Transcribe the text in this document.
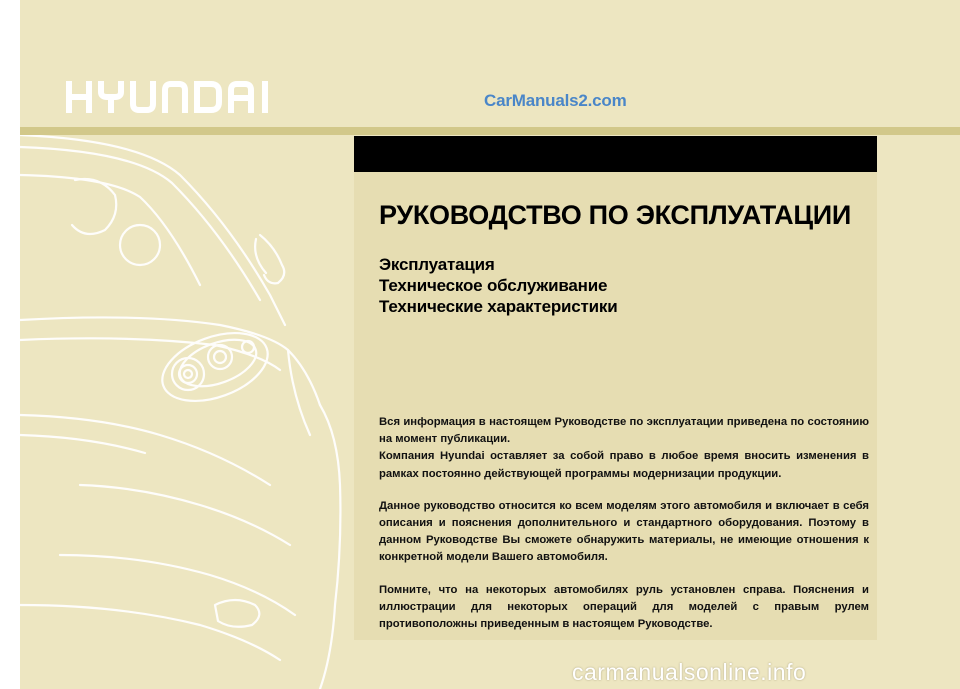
CarManuals2.com
РУКОВОДСТВО ПО ЭКСПЛУАТАЦИИ
Эксплуатация
Техническое обслуживание
Технические характеристики

Вся информация в настоящем Руководстве по эксплуатации приведена по состоянию на момент публикации.

Компания Hyundai оставляет за собой право в любое время вносить изменения в рамках постоянно действующей программы модернизации продукции.

Данное руководство относится ко всем моделям этого автомобиля и включает в себя описания и пояснения дополнительного и стандартного оборудования. Поэтому в данном Руководстве Вы сможете обнаружить материалы, не имеющие отношения к конкретной модели Вашего автомобиля.

Помните, что на некоторых автомобилях руль установлен справа. Пояснения и иллюстрации для некоторых операций для моделей с правым рулем противоположны приведенным в настоящем Руководстве.

carmanualsonline.info
